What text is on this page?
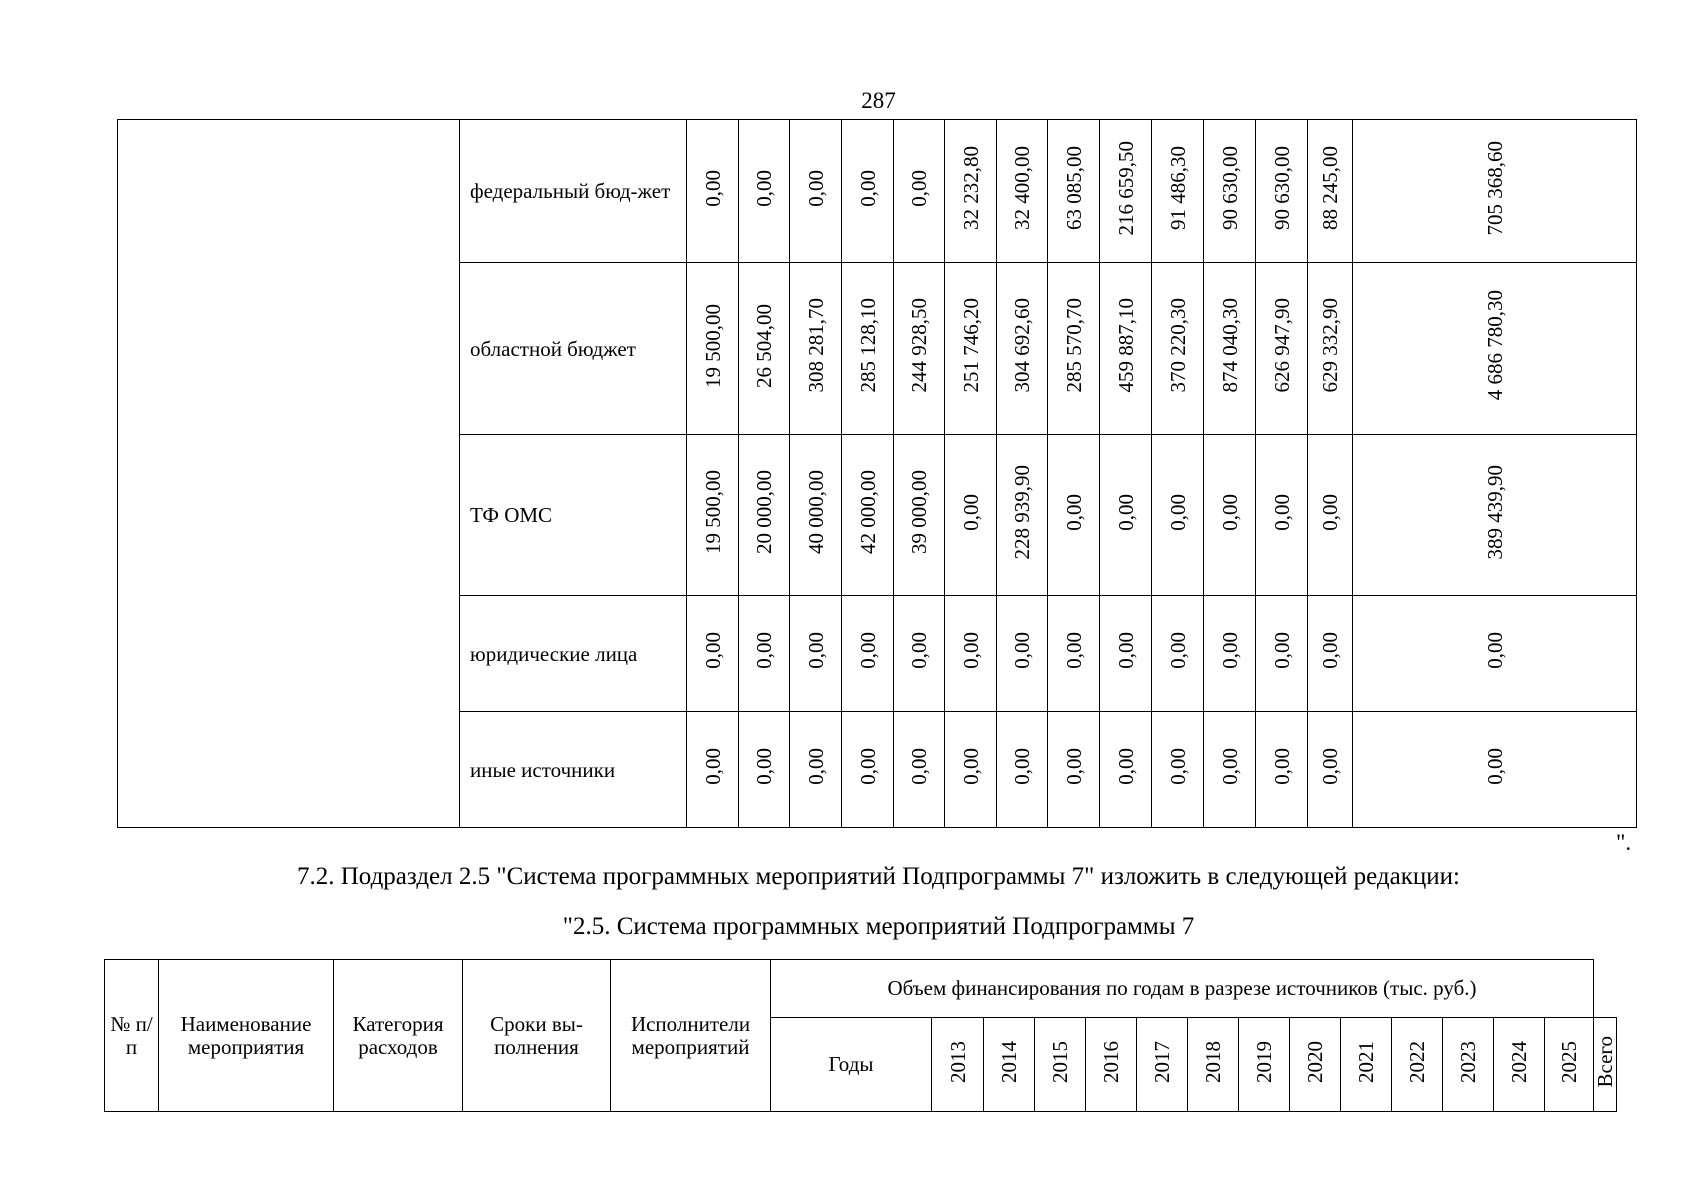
287
	федеральный бюд-жет	0,00	0,00	0,00	0,00	0,00	32 232,80	32 400,00	63 085,00	216 659,50	91 486,30	90 630,00	90 630,00	88 245,00	705 368,60
	областной бюджет	19 500,00	26 504,00	308 281,70	285 128,10	244 928,50	251 746,20	304 692,60	285 570,70	459 887,10	370 220,30	874 040,30	626 947,90	629 332,90	4 686 780,30
	ТФ ОМС	19 500,00	20 000,00	40 000,00	42 000,00	39 000,00	0,00	228 939,90	0,00	0,00	0,00	0,00	0,00	0,00	389 439,90
	юридические лица	0,00	0,00	0,00	0,00	0,00	0,00	0,00	0,00	0,00	0,00	0,00	0,00	0,00	0,00
	иные источники	0,00	0,00	0,00	0,00	0,00	0,00	0,00	0,00	0,00	0,00	0,00	0,00	0,00	0,00
".
7.2. Подраздел 2.5 "Система программных мероприятий Подпрограммы 7" изложить в следующей редакции:
"2.5. Система программных мероприятий Подпрограммы 7
№ п/п	Наименование мероприятия	Категория расходов	Сроки вы-полнения	Исполнители мероприятий	Объем финансирования по годам в разрезе источников (тыс. руб.)														
					Годы	2013	2014	2015	2016	2017	2018	2019	2020	2021	2022	2023	2024	2025	Всего
